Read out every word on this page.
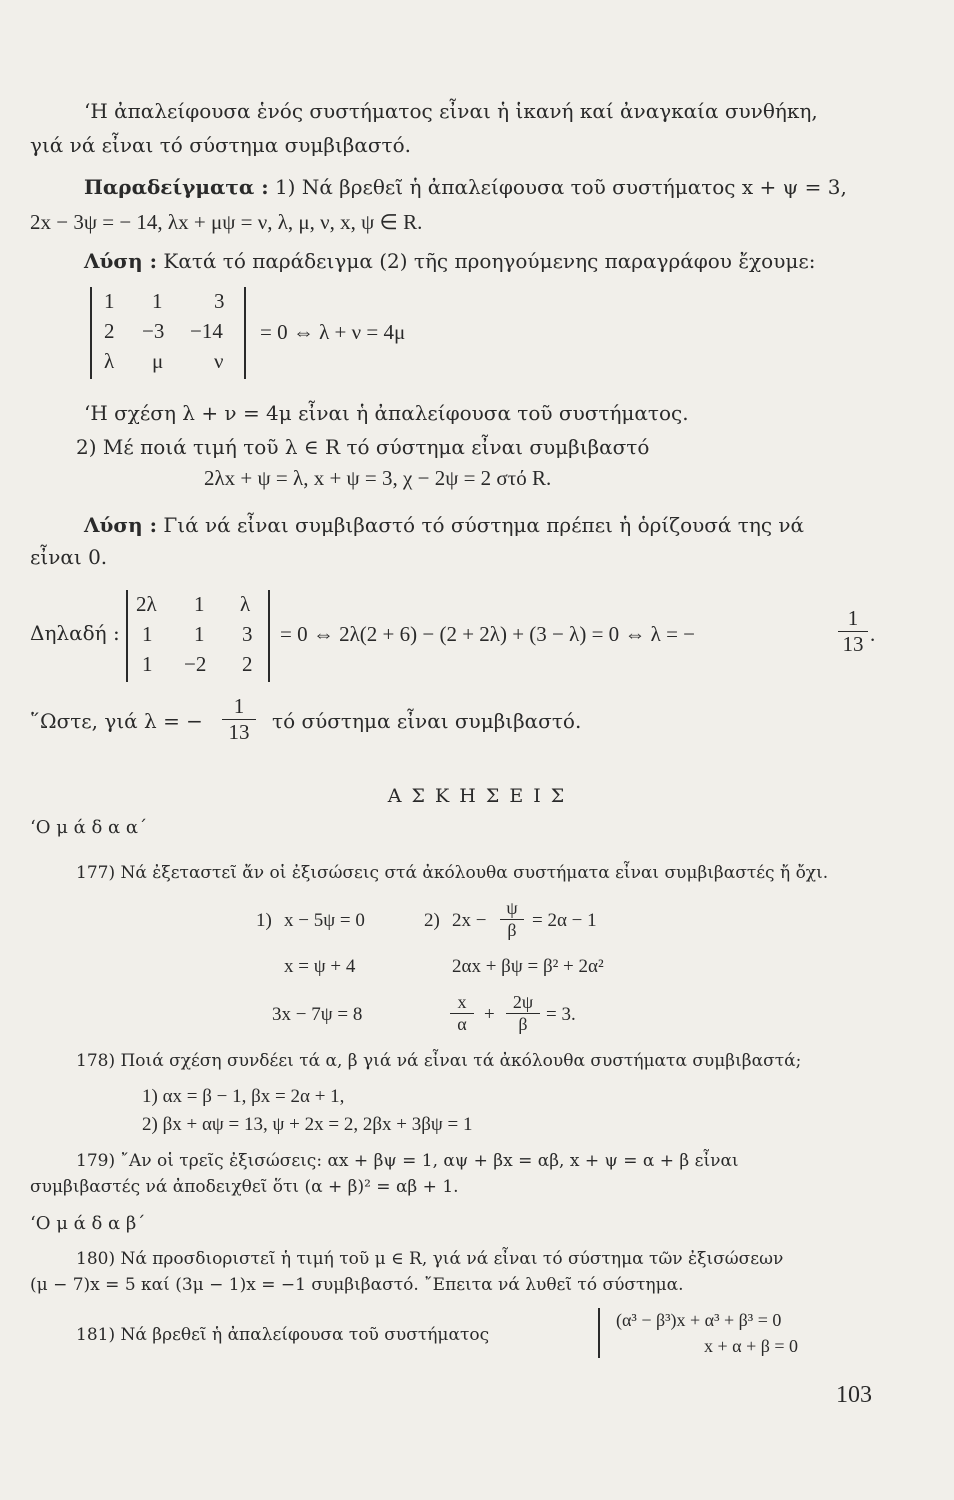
‘Η ἀπαλείφουσα ἑνός συστήματος εἶναι ἡ ἱκανή καί ἀναγκαία συνθήκη,
γιά νά εἶναι τό σύστημα συμβιβαστό.
Παραδείγματα : 1) Νά βρεθεῖ ἡ ἀπαλείφουσα τοῦ συστήματος x + ψ = 3,
2x − 3ψ = − 14, λx + μψ = ν, λ, μ, ν, x, ψ ∈ R.
Λύση : Κατά τό παράδειγμα (2) τῆς προηγούμενης παραγράφου ἔχουμε:
1 1 3
2 −3 −14
λ μ ν
= 0 ⇔ λ + ν = 4μ
‘Η σχέση λ + ν = 4μ εἶναι ἡ ἀπαλείφουσα τοῦ συστήματος.
2) Μέ ποιά τιμή τοῦ λ ∈ R τό σύστημα εἶναι συμβιβαστό
2λx + ψ = λ, x + ψ = 3, χ − 2ψ = 2 στό R.
Λύση : Γιά νά εἶναι συμβιβαστό τό σύστημα πρέπει ἡ ὁρίζουσά της νά
εἶναι 0.
Δηλαδή :
2λ 1 λ
1 1 3
1 −2 2
= 0 ⇔ 2λ(2 + 6) − (2 + 2λ) + (3 − λ) = 0 ⇔ λ = −	$\frac{1}{13}$ .
῞Ωστε, γιά λ = − $\frac{1}{13}$ τό σύστημα εἶναι συμβιβαστό.
Α Σ Κ Η Σ Ε Ι Σ
‘Ο μ ά δ α α΄
177) Νά ἐξεταστεῖ ἄν οἱ ἐξισώσεις στά ἀκόλουθα συστήματα εἶναι συμβιβαστές ἤ ὄχι.
1) x − 5ψ = 0
x = ψ + 4
3x − 7ψ = 8
2) $2x - \frac{\psi}{\beta} = 2\alpha - 1$
2αx + βψ = β² + 2α²
$\frac{x}{\alpha} + \frac{2\psi}{\beta} = 3$.
178) Ποιά σχέση συνδέει τά α, β γιά νά εἶναι τά ἀκόλουθα συστήματα συμβιβαστά;
1) αx = β − 1, βx = 2α + 1,
2) βx + αψ = 13, ψ + 2x = 2, 2βx + 3βψ = 1
179) ῎Αν οἱ τρεῖς ἐξισώσεις: αx + βψ = 1, αψ + βx = αβ, x + ψ = α + β εἶναι
συμβιβαστές νά ἀποδειχθεῖ ὅτι (α + β)² = αβ + 1.
‘Ο μ ά δ α β΄
180) Νά προσδιοριστεῖ ἡ τιμή τοῦ μ ∈ R, γιά νά εἶναι τό σύστημα τῶν ἐξισώσεων
(μ − 7)x = 5 καί (3μ − 1)x = −1 συμβιβαστό. ῎Επειτα νά λυθεῖ τό σύστημα.
181) Νά βρεθεῖ ἡ ἀπαλείφουσα τοῦ συστήματος
(α³ − β³)x + α³ + β³ = 0
x + α + β = 0
103
